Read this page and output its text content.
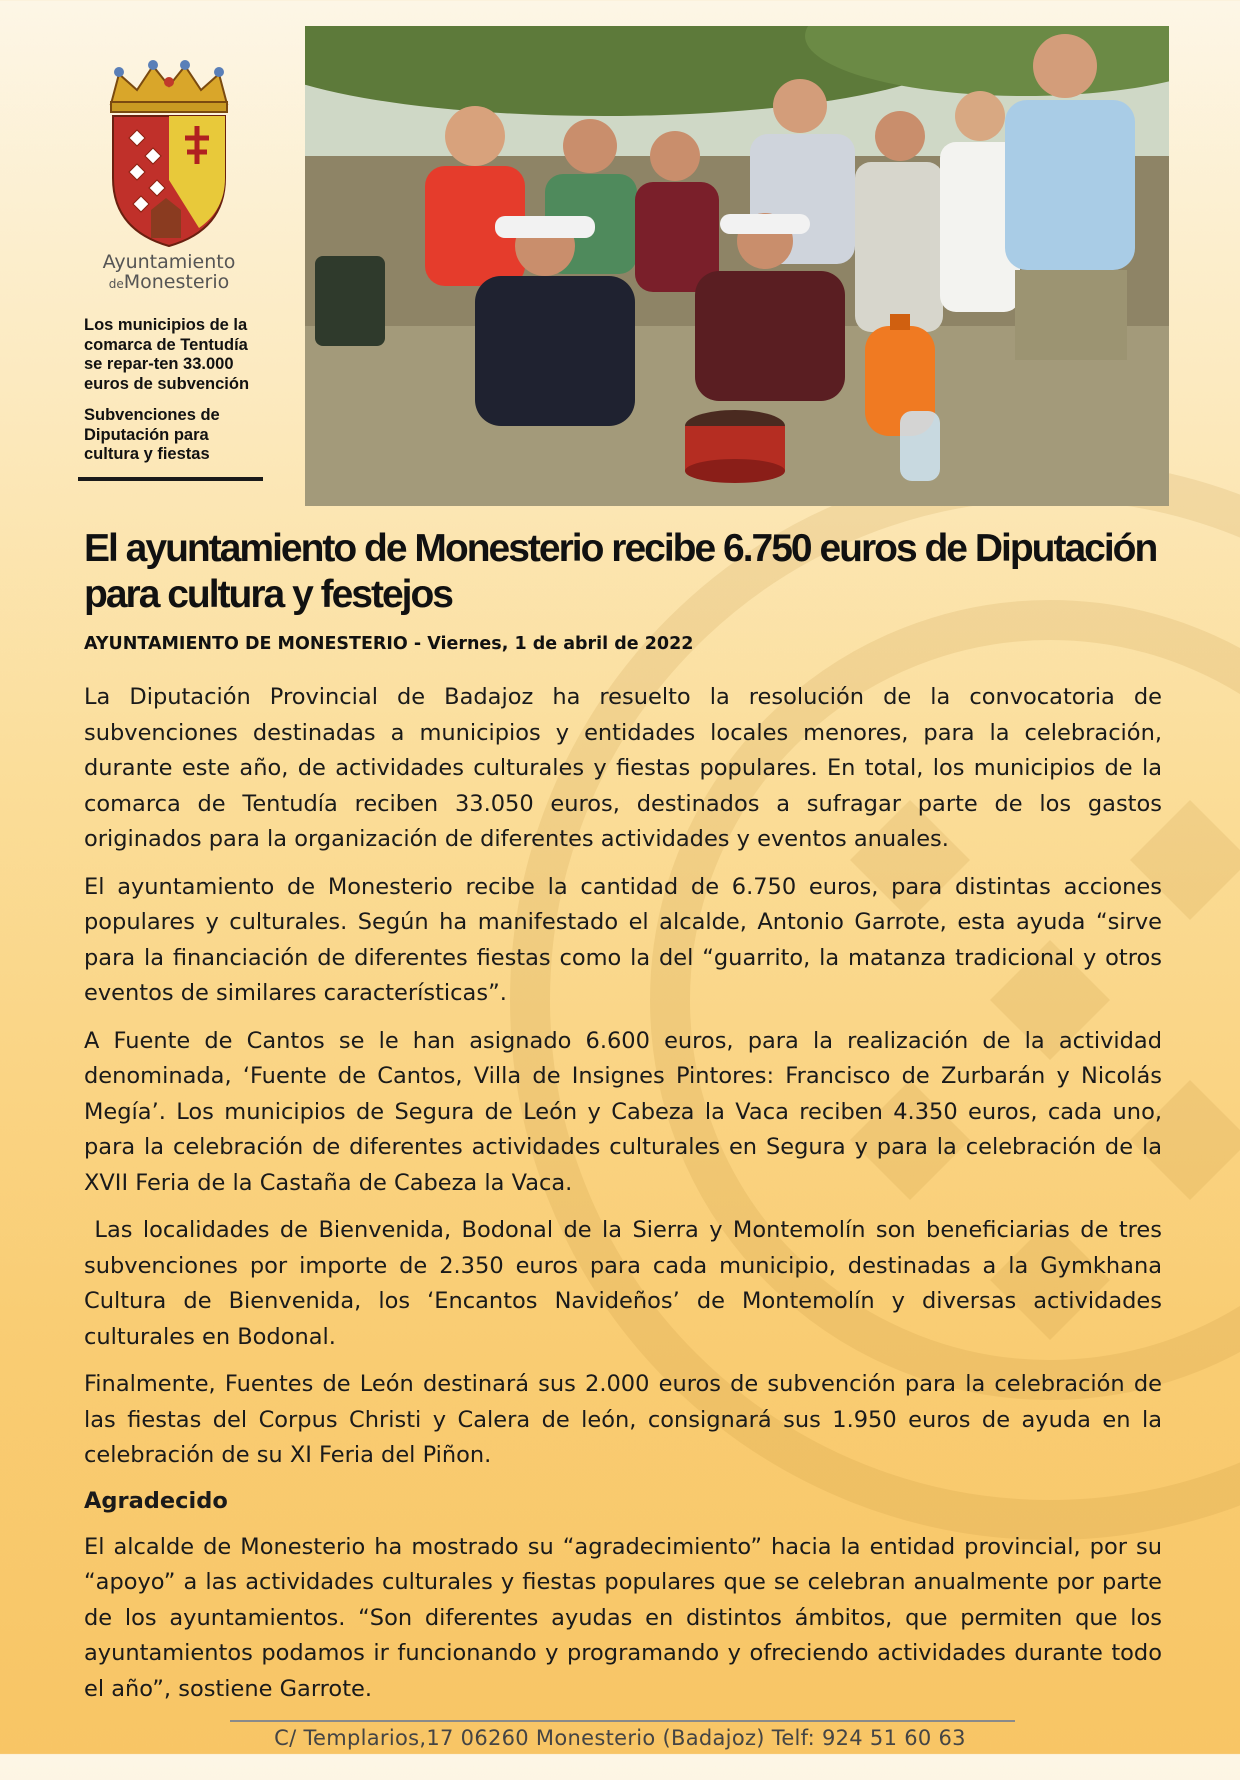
Ayuntamiento
deMonesterio

Los municipios de la comarca de Tentudía se repar-ten 33.000 euros de subvención

Subvenciones de Diputación para cultura y fiestas

El ayuntamiento de Monesterio recibe 6.750 euros de Diputación para cultura y festejos

AYUNTAMIENTO DE MONESTERIO - Viernes, 1 de abril de 2022

La Diputación Provincial de Badajoz ha resuelto la resolución de la convocatoria de subvenciones destinadas a municipios y entidades locales menores, para la celebración, durante este año, de actividades culturales y fiestas populares. En total, los municipios de la comarca de Tentudía reciben 33.050 euros, destinados a sufragar parte de los gastos originados para la organización de diferentes actividades y eventos anuales.

El ayuntamiento de Monesterio recibe la cantidad de 6.750 euros, para distintas acciones populares y culturales. Según ha manifestado el alcalde, Antonio Garrote, esta ayuda “sirve para la financiación de diferentes fiestas como la del “guarrito, la matanza tradicional y otros eventos de similares características”.

A Fuente de Cantos se le han asignado 6.600 euros, para la realización de la actividad denominada, ‘Fuente de Cantos, Villa de Insignes Pintores: Francisco de Zurbarán y Nicolás Megía’. Los municipios de Segura de León y Cabeza la Vaca reciben 4.350 euros, cada uno, para la celebración de diferentes actividades culturales en Segura y para la celebración de la XVII Feria de la Castaña de Cabeza la Vaca.

Las localidades de Bienvenida, Bodonal de la Sierra y Montemolín son beneficiarias de tres subvenciones por importe de 2.350 euros para cada municipio, destinadas a la Gymkhana Cultura de Bienvenida, los ‘Encantos Navideños’ de Montemolín y diversas actividades culturales en Bodonal.

Finalmente, Fuentes de León destinará sus 2.000 euros de subvención para la celebración de las fiestas del Corpus Christi y Calera de león, consignará sus 1.950 euros de ayuda en la celebración de su XI Feria del Piñon.

Agradecido

El alcalde de Monesterio ha mostrado su “agradecimiento” hacia la entidad provincial, por su “apoyo” a las actividades culturales y fiestas populares que se celebran anualmente por parte de los ayuntamientos. “Son diferentes ayudas en distintos ámbitos, que permiten que los ayuntamientos podamos ir funcionando y programando y ofreciendo actividades durante todo el año”, sostiene Garrote.

C/ Templarios,17 06260 Monesterio (Badajoz) Telf: 924 51 60 63
